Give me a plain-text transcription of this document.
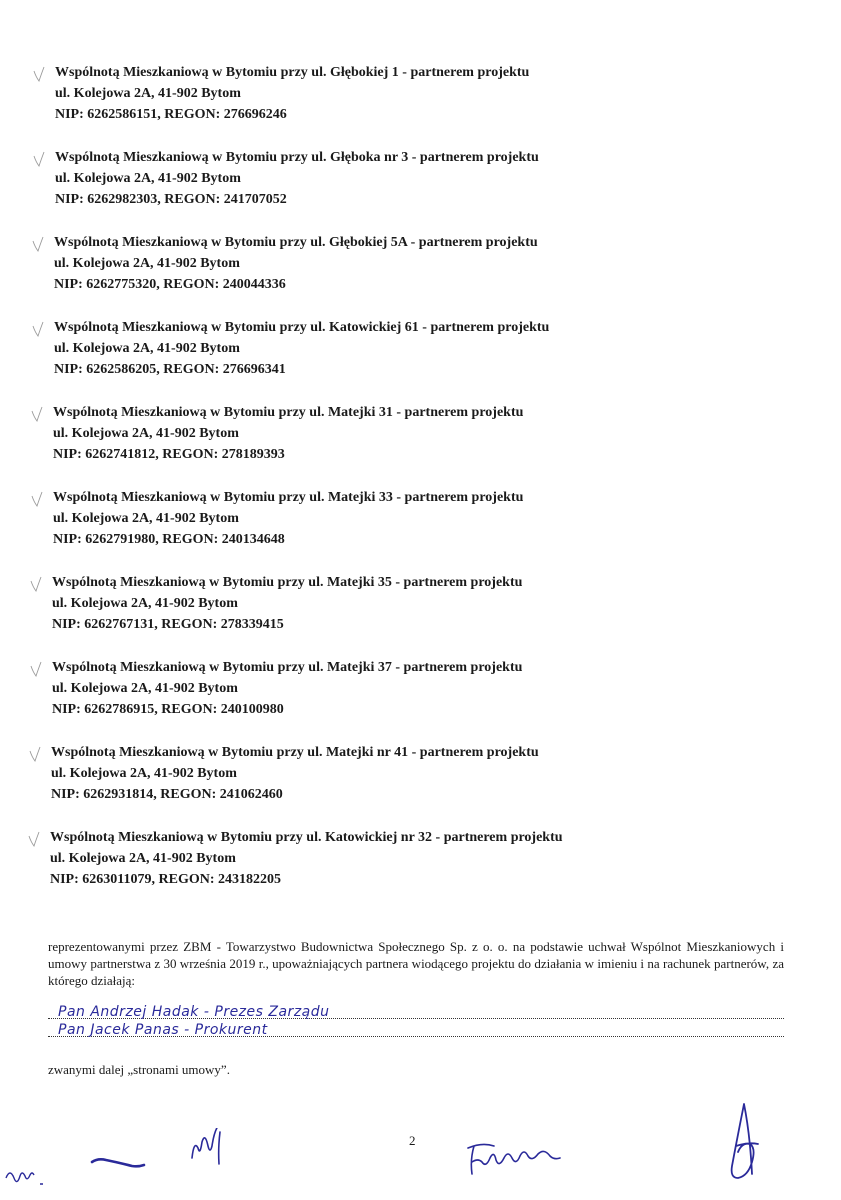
Wspólnotą Mieszkaniową w Bytomiu przy ul. Głębokiej 1 - partnerem projektu
ul. Kolejowa 2A, 41-902 Bytom
NIP: 6262586151, REGON: 276696246
Wspólnotą Mieszkaniową w Bytomiu przy ul. Głęboka nr 3 - partnerem projektu
ul. Kolejowa 2A, 41-902 Bytom
NIP: 6262982303, REGON: 241707052
Wspólnotą Mieszkaniową w Bytomiu przy ul. Głębokiej 5A - partnerem projektu
ul. Kolejowa 2A, 41-902 Bytom
NIP: 6262775320, REGON: 240044336
Wspólnotą Mieszkaniową w Bytomiu przy ul. Katowickiej 61 - partnerem projektu
ul. Kolejowa 2A, 41-902 Bytom
NIP: 6262586205, REGON: 276696341
Wspólnotą Mieszkaniową w Bytomiu przy ul. Matejki 31 - partnerem projektu
ul. Kolejowa 2A, 41-902 Bytom
NIP: 6262741812, REGON: 278189393
Wspólnotą Mieszkaniową w Bytomiu przy ul. Matejki 33 - partnerem projektu
ul. Kolejowa 2A, 41-902 Bytom
NIP: 6262791980, REGON: 240134648
Wspólnotą Mieszkaniową w Bytomiu przy ul. Matejki 35 - partnerem projektu
ul. Kolejowa 2A, 41-902 Bytom
NIP: 6262767131, REGON: 278339415
Wspólnotą Mieszkaniową w Bytomiu przy ul. Matejki 37 - partnerem projektu
ul. Kolejowa 2A, 41-902 Bytom
NIP: 6262786915, REGON: 240100980
Wspólnotą Mieszkaniową w Bytomiu przy ul. Matejki nr 41 - partnerem projektu
ul. Kolejowa 2A, 41-902 Bytom
NIP: 6262931814, REGON: 241062460
Wspólnotą Mieszkaniową w Bytomiu przy ul. Katowickiej nr 32 - partnerem projektu
ul. Kolejowa 2A, 41-902 Bytom
NIP: 6263011079, REGON: 243182205

reprezentowanymi przez ZBM - Towarzystwo Budownictwa Społecznego Sp. z o. o. na podstawie uchwał Wspólnot Mieszkaniowych i umowy partnerstwa z 30 września 2019 r., upoważniających partnera wiodącego projektu do działania w imieniu i na rachunek partnerów, za którego działają:

Pan Andrzej Hadak - Prezes Zarządu
Pan Jacek Panas - Prokurent
zwanymi dalej „stronami umowy”.
2
